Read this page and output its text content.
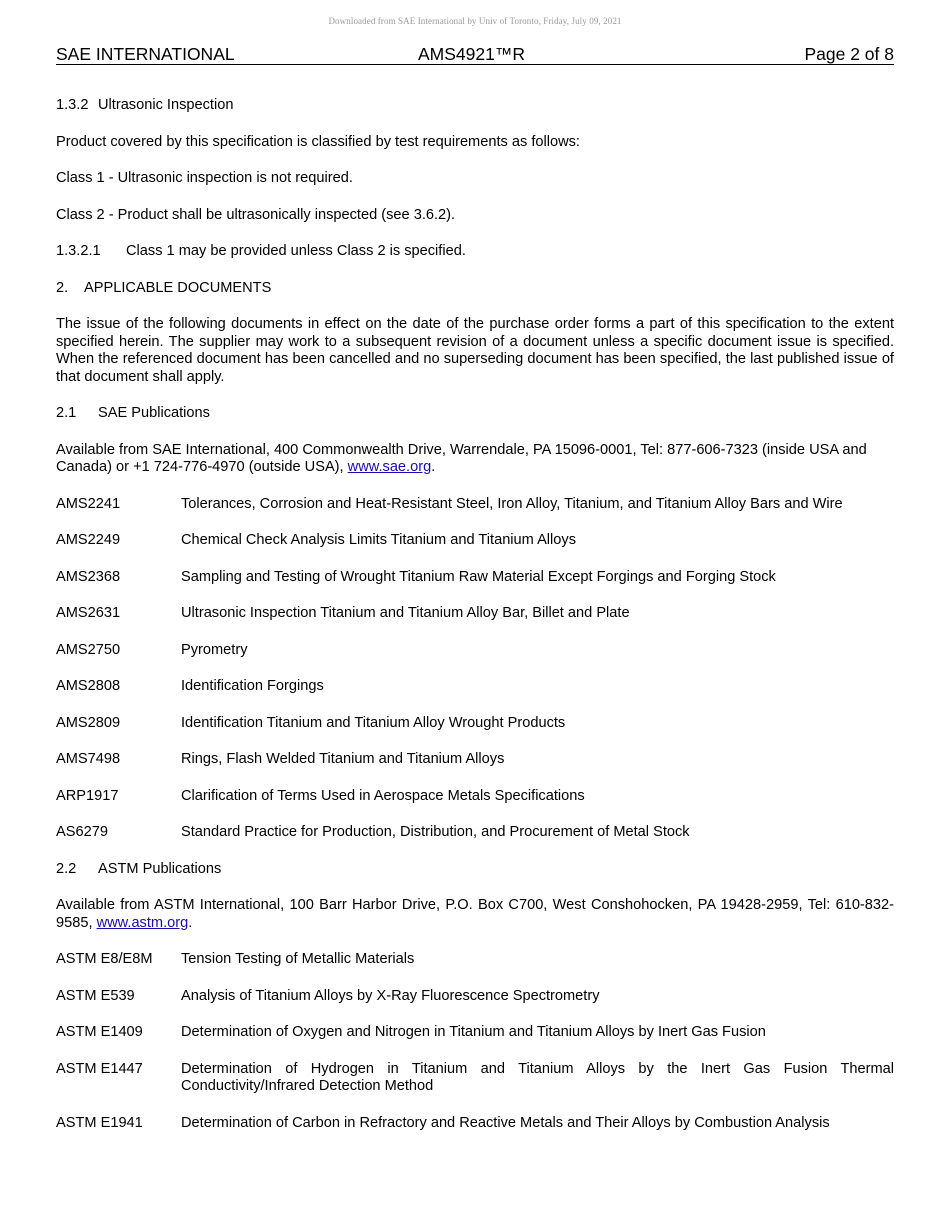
Downloaded from SAE International by Univ of Toronto, Friday, July 09, 2021
SAE INTERNATIONAL	AMS4921™R	Page 2 of 8
1.3.2 Ultrasonic Inspection

Product covered by this specification is classified by test requirements as follows:

Class 1 - Ultrasonic inspection is not required.

Class 2 - Product shall be ultrasonically inspected (see 3.6.2).

1.3.2.1 Class 1 may be provided unless Class 2 is specified.
2. APPLICABLE DOCUMENTS

The issue of the following documents in effect on the date of the purchase order forms a part of this specification to the extent specified herein. The supplier may work to a subsequent revision of a document unless a specific document issue is specified. When the referenced document has been cancelled and no superseding document has been specified, the last published issue of that document shall apply.

2.1 SAE Publications

Available from SAE International, 400 Commonwealth Drive, Warrendale, PA 15096-0001, Tel: 877-606-7323 (inside USA and Canada) or +1 724-776-4970 (outside USA), www.sae.org.

AMS2241	Tolerances, Corrosion and Heat-Resistant Steel, Iron Alloy, Titanium, and Titanium Alloy Bars and Wire
AMS2249	Chemical Check Analysis Limits Titanium and Titanium Alloys
AMS2368	Sampling and Testing of Wrought Titanium Raw Material Except Forgings and Forging Stock
AMS2631	Ultrasonic Inspection Titanium and Titanium Alloy Bar, Billet and Plate
AMS2750	Pyrometry
AMS2808	Identification Forgings
AMS2809	Identification Titanium and Titanium Alloy Wrought Products
AMS7498	Rings, Flash Welded Titanium and Titanium Alloys
ARP1917	Clarification of Terms Used in Aerospace Metals Specifications
AS6279	Standard Practice for Production, Distribution, and Procurement of Metal Stock
2.2 ASTM Publications

Available from ASTM International, 100 Barr Harbor Drive, P.O. Box C700, West Conshohocken, PA 19428-2959, Tel: 610-832-9585, www.astm.org.

ASTM E8/E8M	Tension Testing of Metallic Materials
ASTM E539	Analysis of Titanium Alloys by X-Ray Fluorescence Spectrometry
ASTM E1409	Determination of Oxygen and Nitrogen in Titanium and Titanium Alloys by Inert Gas Fusion
ASTM E1447	Determination of Hydrogen in Titanium and Titanium Alloys by the Inert Gas Fusion Thermal Conductivity/Infrared Detection Method
ASTM E1941	Determination of Carbon in Refractory and Reactive Metals and Their Alloys by Combustion Analysis
